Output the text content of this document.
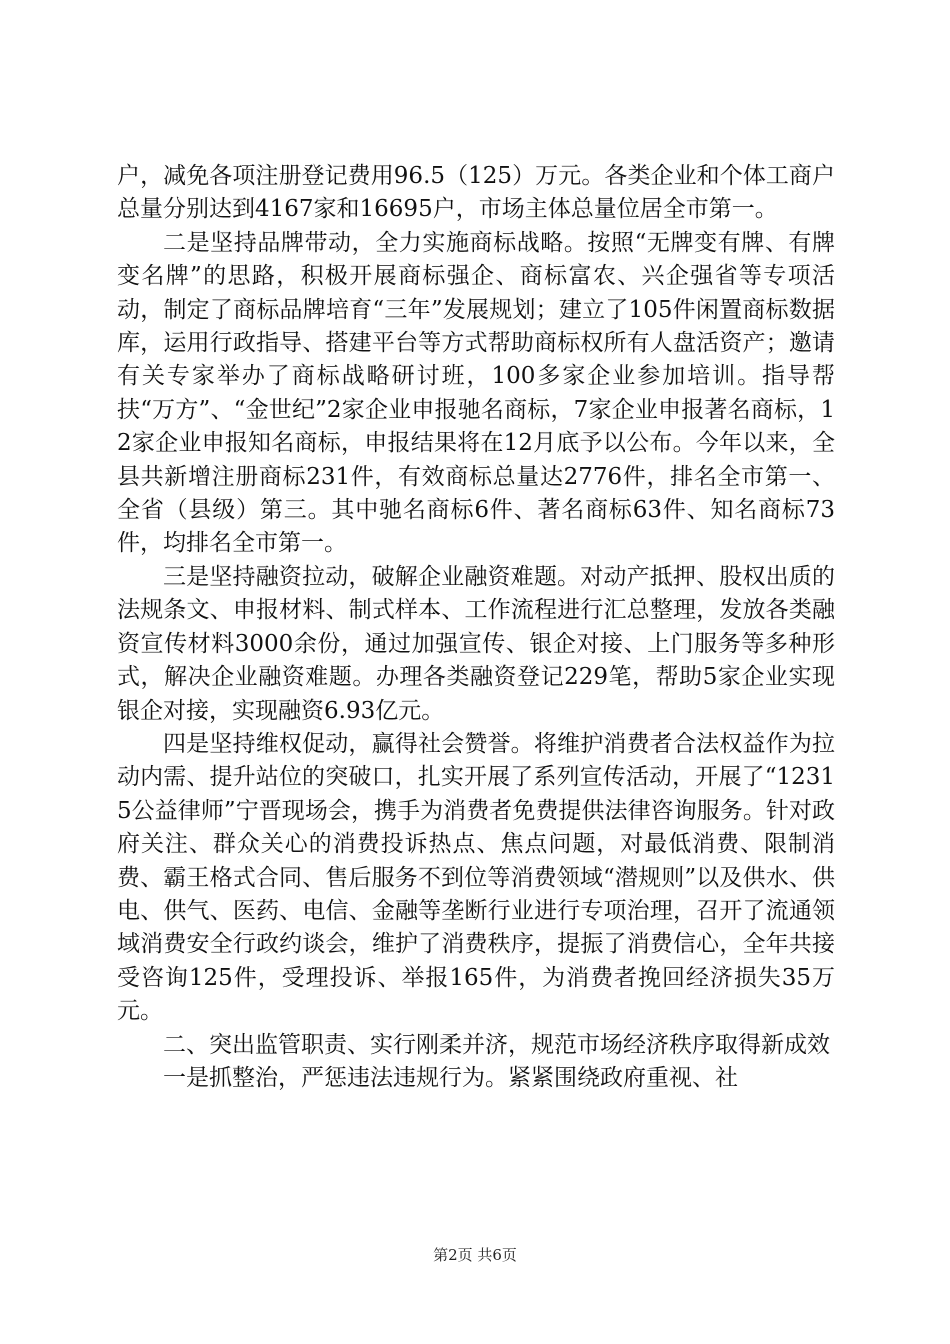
户，减免各项注册登记费用96.5（125）万元。各类企业和个体工商户总量分别达到4167家和16695户，市场主体总量位居全市第一。

二是坚持品牌带动，全力实施商标战略。按照“无牌变有牌、有牌变名牌”的思路，积极开展商标强企、商标富农、兴企强省等专项活动，制定了商标品牌培育“三年”发展规划；建立了105件闲置商标数据库，运用行政指导、搭建平台等方式帮助商标权所有人盘活资产；邀请有关专家举办了商标战略研讨班，100多家企业参加培训。指导帮扶“万方”、“金世纪”2家企业申报驰名商标，7家企业申报著名商标，12家企业申报知名商标，申报结果将在12月底予以公布。今年以来，全县共新增注册商标231件，有效商标总量达2776件，排名全市第一、全省（县级）第三。其中驰名商标6件、著名商标63件、知名商标73件，均排名全市第一。

三是坚持融资拉动，破解企业融资难题。对动产抵押、股权出质的法规条文、申报材料、制式样本、工作流程进行汇总整理，发放各类融资宣传材料3000余份，通过加强宣传、银企对接、上门服务等多种形式，解决企业融资难题。办理各类融资登记229笔，帮助5家企业实现银企对接，实现融资6.93亿元。

四是坚持维权促动，赢得社会赞誉。将维护消费者合法权益作为拉动内需、提升站位的突破口，扎实开展了系列宣传活动，开展了“12315公益律师”宁晋现场会，携手为消费者免费提供法律咨询服务。针对政府关注、群众关心的消费投诉热点、焦点问题，对最低消费、限制消费、霸王格式合同、售后服务不到位等消费领域“潜规则”以及供水、供电、供气、医药、电信、金融等垄断行业进行专项治理，召开了流通领域消费安全行政约谈会，维护了消费秩序，提振了消费信心，全年共接受咨询125件，受理投诉、举报165件，为消费者挽回经济损失35万元。

二、突出监管职责、实行刚柔并济，规范市场经济秩序取得新成效

一是抓整治，严惩违法违规行为。紧紧围绕政府重视、社

第2页 共6页
